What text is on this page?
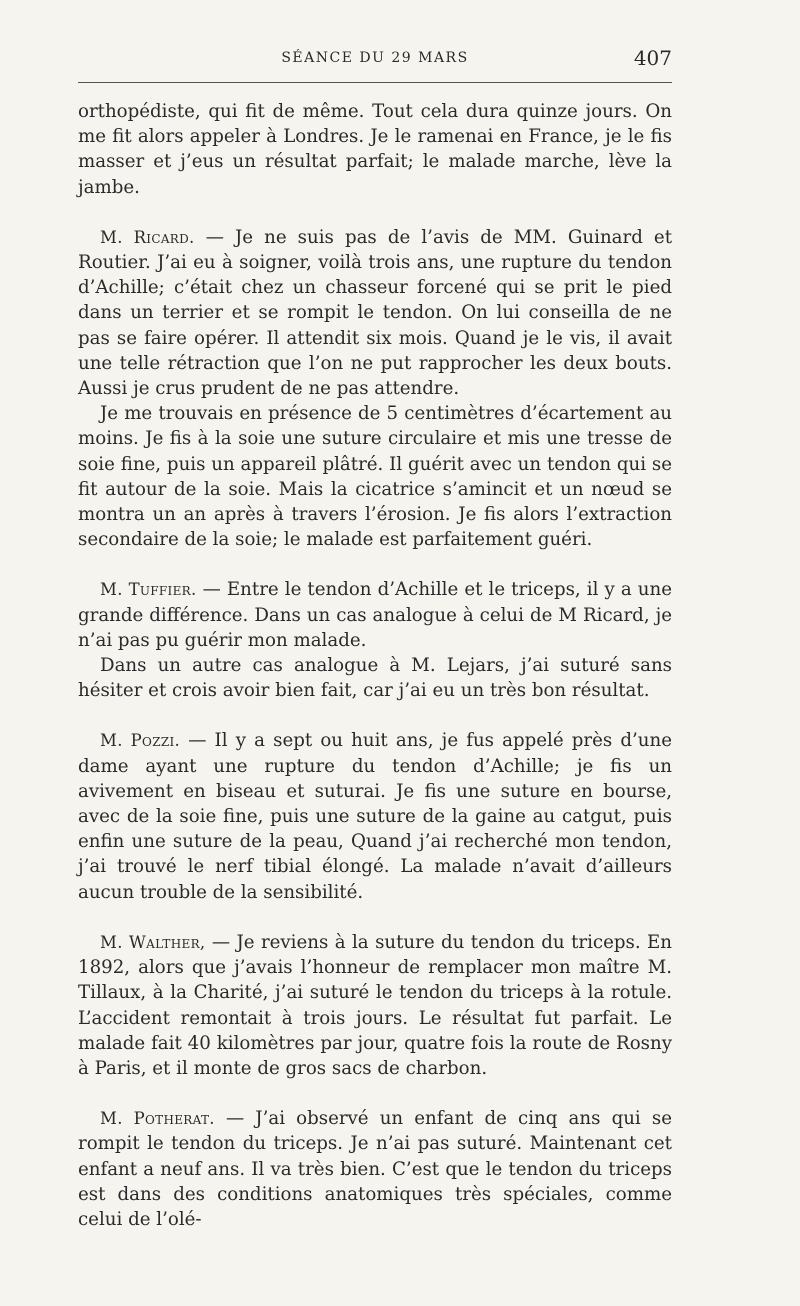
SÉANCE DU 29 MARS	407

orthopédiste, qui fit de même. Tout cela dura quinze jours. On me fit alors appeler à Londres. Je le ramenai en France, je le fis masser et j’eus un résultat parfait; le malade marche, lève la jambe.

M. Ricard. — Je ne suis pas de l’avis de MM. Guinard et Routier. J’ai eu à soigner, voilà trois ans, une rupture du tendon d’Achille; c’était chez un chasseur forcené qui se prit le pied dans un terrier et se rompit le tendon. On lui conseilla de ne pas se faire opérer. Il attendit six mois. Quand je le vis, il avait une telle rétraction que l’on ne put rapprocher les deux bouts. Aussi je crus prudent de ne pas attendre.

Je me trouvais en présence de 5 centimètres d’écartement au moins. Je fis à la soie une suture circulaire et mis une tresse de soie fine, puis un appareil plâtré. Il guérit avec un tendon qui se fit autour de la soie. Mais la cicatrice s’amincit et un nœud se montra un an après à travers l’érosion. Je fis alors l’extraction secondaire de la soie; le malade est parfaitement guéri.

M. Tuffier. — Entre le tendon d’Achille et le triceps, il y a une grande différence. Dans un cas analogue à celui de M Ricard, je n’ai pas pu guérir mon malade.

Dans un autre cas analogue à M. Lejars, j’ai suturé sans hésiter et crois avoir bien fait, car j’ai eu un très bon résultat.

M. Pozzi. — Il y a sept ou huit ans, je fus appelé près d’une dame ayant une rupture du tendon d’Achille; je fis un avivement en biseau et suturai. Je fis une suture en bourse, avec de la soie fine, puis une suture de la gaine au catgut, puis enfin une suture de la peau, Quand j’ai recherché mon tendon, j’ai trouvé le nerf tibial élongé. La malade n’avait d’ailleurs aucun trouble de la sensibilité.

M. Walther, — Je reviens à la suture du tendon du triceps. En 1892, alors que j’avais l’honneur de remplacer mon maître M. Tillaux, à la Charité, j’ai suturé le tendon du triceps à la rotule. L’accident remontait à trois jours. Le résultat fut parfait. Le malade fait 40 kilomètres par jour, quatre fois la route de Rosny à Paris, et il monte de gros sacs de charbon.

M. Potherat. — J’ai observé un enfant de cinq ans qui se rompit le tendon du triceps. Je n’ai pas suturé. Maintenant cet enfant a neuf ans. Il va très bien. C’est que le tendon du triceps est dans des conditions anatomiques très spéciales, comme celui de l’olé-
